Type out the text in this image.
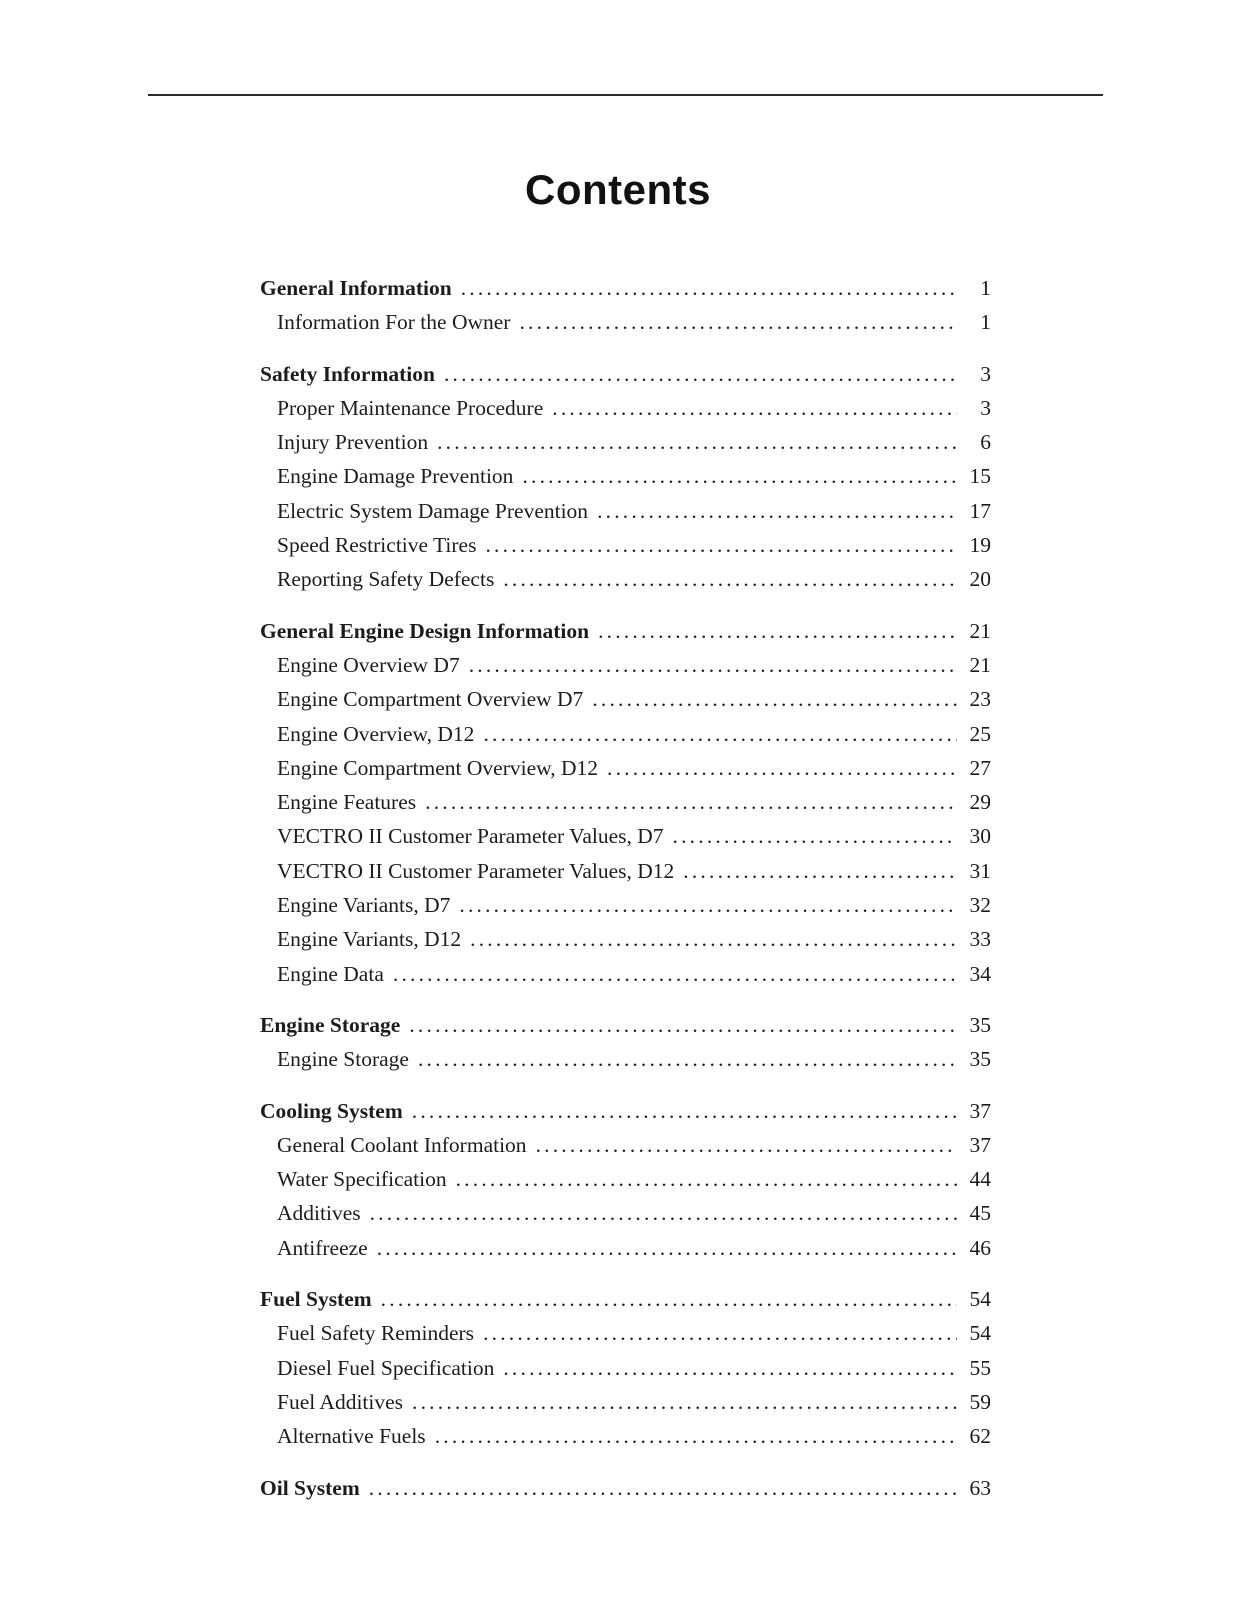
Contents
General Information .....	1
Information For the Owner .....	1
Safety Information .....	3
Proper Maintenance Procedure .....	3
Injury Prevention .....	6
Engine Damage Prevention .....	15
Electric System Damage Prevention .....	17
Speed Restrictive Tires .....	19
Reporting Safety Defects .....	20
General Engine Design Information .....	21
Engine Overview D7 .....	21
Engine Compartment Overview D7 .....	23
Engine Overview, D12 .....	25
Engine Compartment Overview, D12 .....	27
Engine Features .....	29
VECTRO II Customer Parameter Values, D7 .....	30
VECTRO II Customer Parameter Values, D12 .....	31
Engine Variants, D7 .....	32
Engine Variants, D12 .....	33
Engine Data .....	34
Engine Storage .....	35
Engine Storage .....	35
Cooling System .....	37
General Coolant Information .....	37
Water Specification .....	44
Additives .....	45
Antifreeze .....	46
Fuel System .....	54
Fuel Safety Reminders .....	54
Diesel Fuel Specification .....	55
Fuel Additives .....	59
Alternative Fuels .....	62
Oil System .....	63
